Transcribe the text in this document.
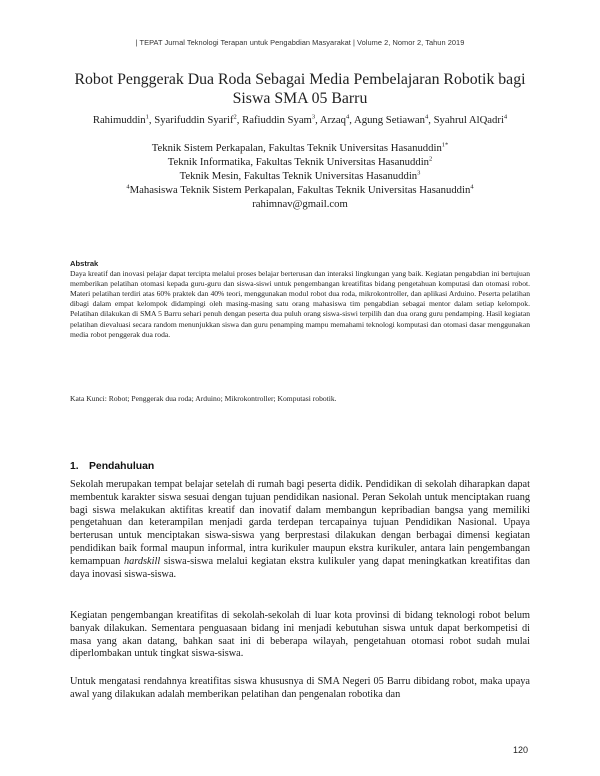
| TEPAT Jurnal Teknologi Terapan untuk Pengabdian Masyarakat | Volume 2, Nomor 2, Tahun 2019
Robot Penggerak Dua Roda Sebagai Media Pembelajaran Robotik bagi Siswa SMA 05 Barru
Rahimuddin$^1$, Syarifuddin Syarif$^2$, Rafiuddin Syam$^3$, Arzaq$^4$, Agung Setiawan$^4$, Syahrul AlQadri$^4$
Teknik Sistem Perkapalan, Fakultas Teknik Universitas Hasanuddin$^{1*}$
Teknik Informatika, Fakultas Teknik Universitas Hasanuddin$^2$
Teknik Mesin, Fakultas Teknik Universitas Hasanuddin$^3$
$^4$Mahasiswa Teknik Sistem Perkapalan, Fakultas Teknik Universitas Hasanuddin$^4$
rahimnav@gmail.com
Abstrak

Daya kreatif dan inovasi pelajar dapat tercipta melalui proses belajar berterusan dan interaksi lingkungan yang baik. Kegiatan pengabdian ini bertujuan memberikan pelatihan otomasi kepada guru-guru dan siswa-siswi untuk pengembangan kreatifitas bidang pengetahuan komputasi dan otomasi robot. Materi pelatihan terdiri atas 60% praktek dan 40% teori, menggunakan modul robot dua roda, mikrokontroller, dan aplikasi Arduino. Peserta pelatihan dibagi dalam empat kelompok didampingi oleh masing-masing satu orang mahasiswa tim pengabdian sebagai mentor dalam setiap kelompok. Pelatihan dilakukan di SMA 5 Barru sehari penuh dengan peserta dua puluh orang siswa-siswi terpilih dan dua orang guru pendamping. Hasil kegiatan pelatihan dievaluasi secara random menunjukkan siswa dan guru penamping mampu memahami teknologi komputasi dan otomasi dasar menggunakan media robot penggerak dua roda.

Kata Kunci: Robot; Penggerak dua roda; Arduino; Mikrokontroller; Komputasi robotik.
1. Pendahuluan

Sekolah merupakan tempat belajar setelah di rumah bagi peserta didik. Pendidikan di sekolah diharapkan dapat membentuk karakter siswa sesuai dengan tujuan pendidikan nasional. Peran Sekolah untuk menciptakan ruang bagi siswa melakukan aktifitas kreatif dan inovatif dalam membangun kepribadian bangsa yang memiliki pengetahuan dan keterampilan menjadi garda terdepan tercapainya tujuan Pendidikan Nasional. Upaya berterusan untuk menciptakan siswa-siswa yang berprestasi dilakukan dengan berbagai dimensi kegiatan pendidikan baik formal maupun informal, intra kurikuler maupun ekstra kurikuler, antara lain pengembangan kemampuan hardskill siswa-siswa melalui kegiatan ekstra kulikuler yang dapat meningkatkan kreatifitas dan daya inovasi siswa-siswa.

Kegiatan pengembangan kreatifitas di sekolah-sekolah di luar kota provinsi di bidang teknologi robot belum banyak dilakukan. Sementara penguasaan bidang ini menjadi kebutuhan siswa untuk dapat berkompetisi di masa yang akan datang, bahkan saat ini di beberapa wilayah, pengetahuan otomasi robot sudah mulai diperlombakan untuk tingkat siswa-siswa.

Untuk mengatasi rendahnya kreatifitas siswa khususnya di SMA Negeri 05 Barru dibidang robot, maka upaya awal yang dilakukan adalah memberikan pelatihan dan pengenalan robotika dan

120
